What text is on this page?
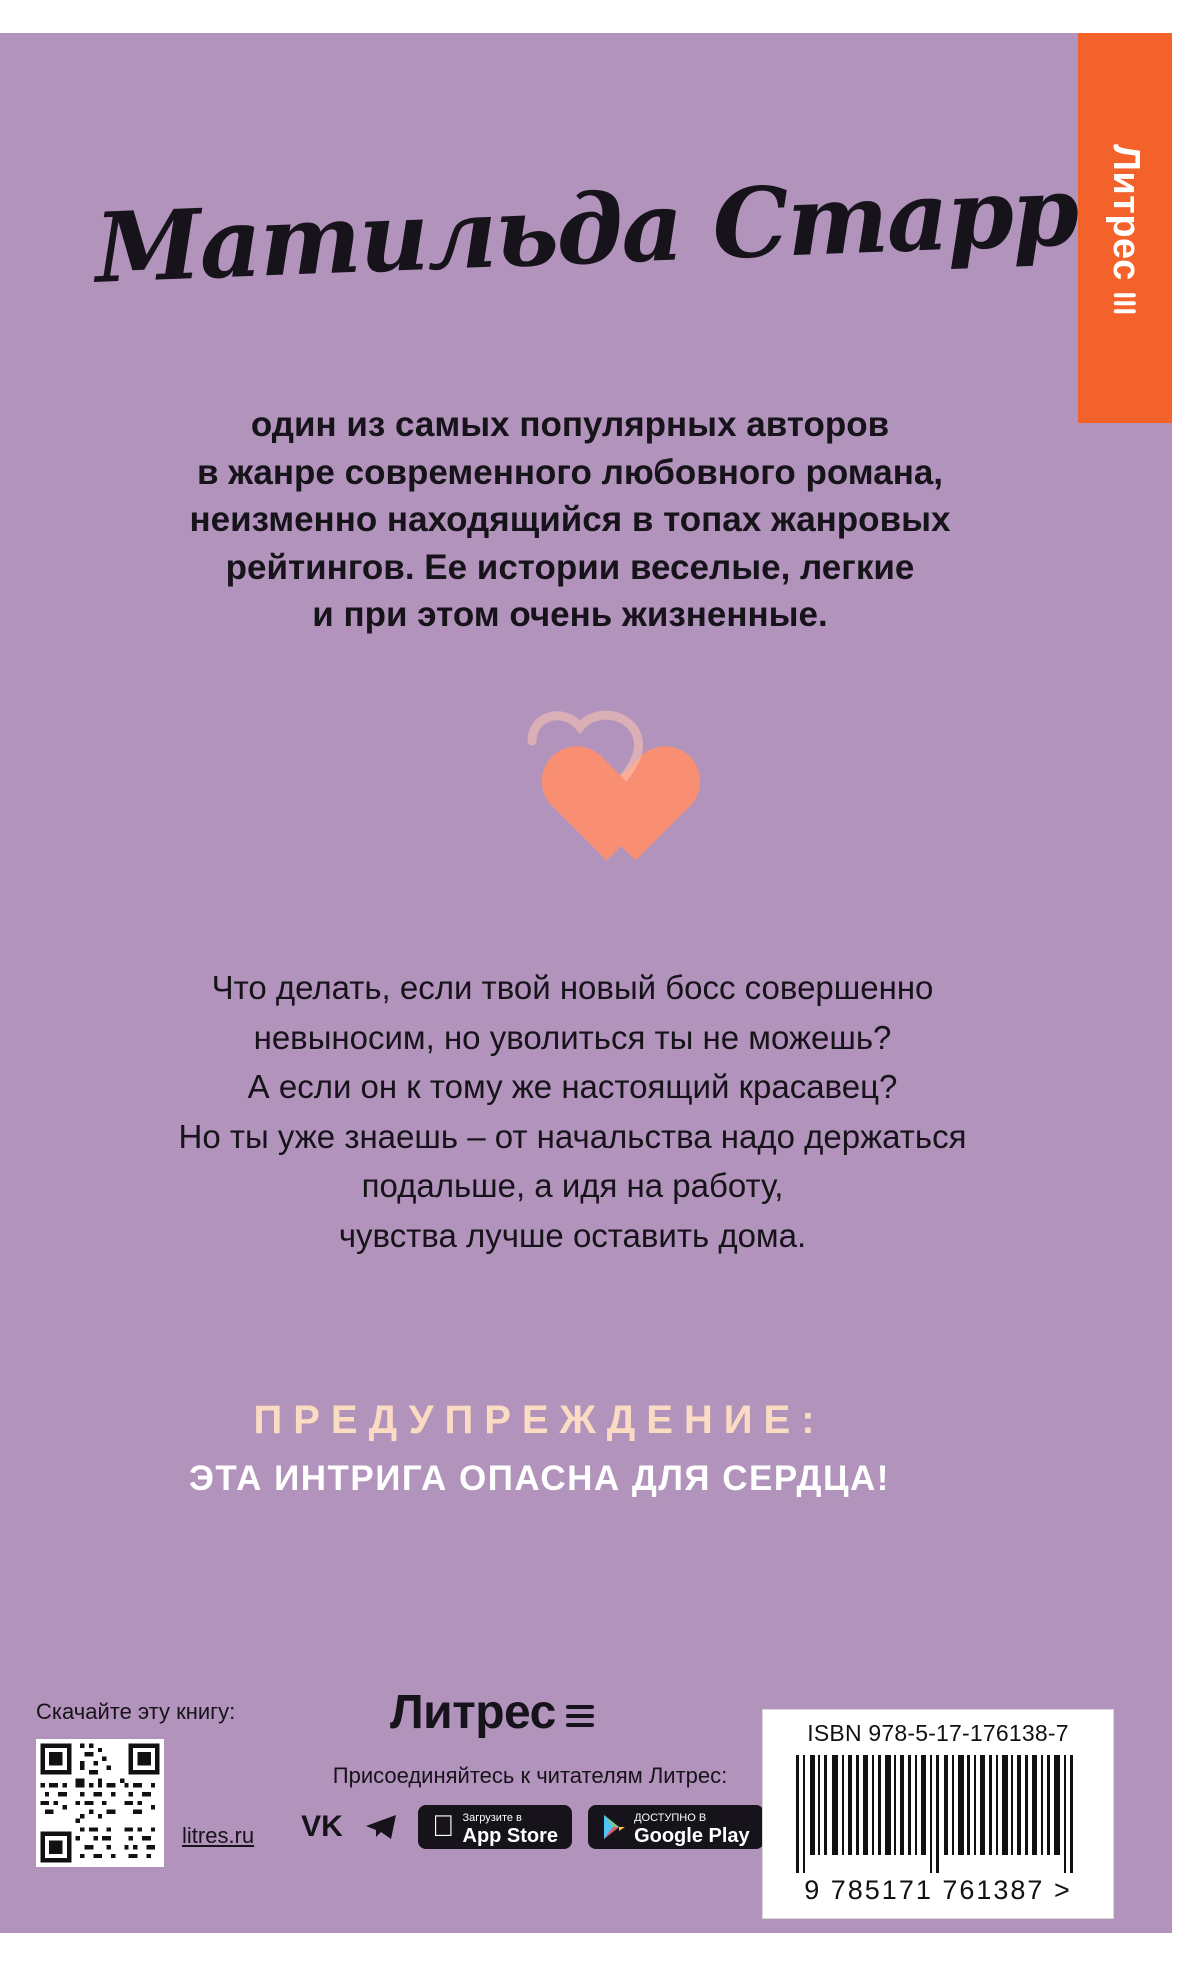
Литрес
Матильда Старр
один из самых популярных авторов
в жанре современного любовного романа,
неизменно находящийся в топах жанровых
рейтингов. Ее истории веселые, легкие
и при этом очень жизненные.
Что делать, если твой новый босс совершенно
невыносим, но уволиться ты не можешь?
А если он к тому же настоящий красавец?
Но ты уже знаешь – от начальства надо держаться
подальше, а идя на работу,
чувства лучше оставить дома.
ПРЕДУПРЕЖДЕНИЕ:
ЭТА ИНТРИГА ОПАСНА ДЛЯ СЕРДЦА!
Скачайте эту книгу:
litres.ru
Литрес
Присоединяйтесь к читателям Литрес:
VK	Загрузите в
App Store
ДОСТУПНО В
Google Play
ISBN 978-5-17-176138-7
9 785171 761387 >
